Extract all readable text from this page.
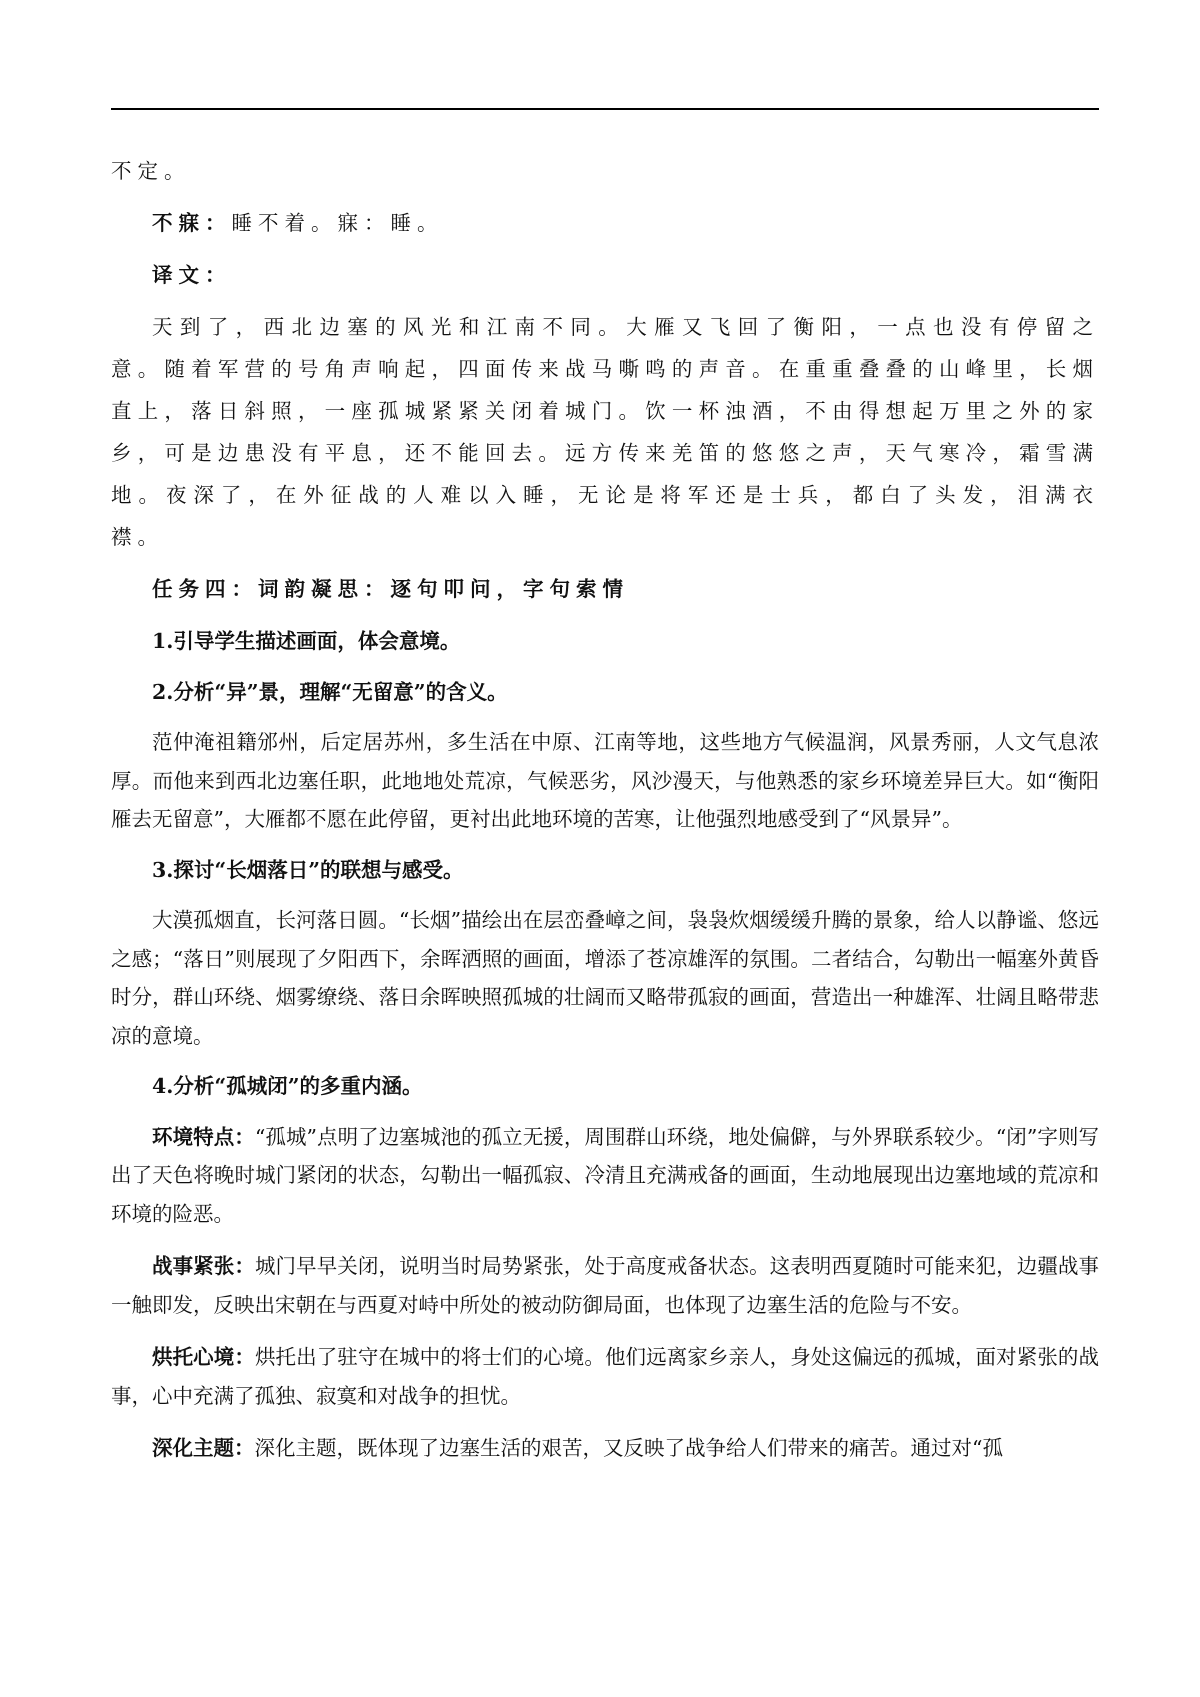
不定。

不寐：睡不着。寐：睡。

译文：

天到了，西北边塞的风光和江南不同。大雁又飞回了衡阳，一点也没有停留之意。随着军营的号角声响起，四面传来战马嘶鸣的声音。在重重叠叠的山峰里，长烟直上，落日斜照，一座孤城紧紧关闭着城门。饮一杯浊酒，不由得想起万里之外的家乡，可是边患没有平息，还不能回去。远方传来羌笛的悠悠之声，天气寒冷，霜雪满地。夜深了，在外征战的人难以入睡，无论是将军还是士兵，都白了头发，泪满衣襟。

任务四：词韵凝思：逐句叩问，字句索情

1.引导学生描述画面，体会意境。

2.分析“异”景，理解“无留意”的含义。

范仲淹祖籍邠州，后定居苏州，多生活在中原、江南等地，这些地方气候温润，风景秀丽，人文气息浓厚。而他来到西北边塞任职，此地地处荒凉，气候恶劣，风沙漫天，与他熟悉的家乡环境差异巨大。如“衡阳雁去无留意”，大雁都不愿在此停留，更衬出此地环境的苦寒，让他强烈地感受到了“风景异”。

3.探讨“长烟落日”的联想与感受。

大漠孤烟直，长河落日圆。“长烟”描绘出在层峦叠嶂之间，袅袅炊烟缓缓升腾的景象，给人以静谧、悠远之感；“落日”则展现了夕阳西下，余晖洒照的画面，增添了苍凉雄浑的氛围。二者结合，勾勒出一幅塞外黄昏时分，群山环绕、烟雾缭绕、落日余晖映照孤城的壮阔而又略带孤寂的画面，营造出一种雄浑、壮阔且略带悲凉的意境。

4.分析“孤城闭”的多重内涵。

环境特点：“孤城”点明了边塞城池的孤立无援，周围群山环绕，地处偏僻，与外界联系较少。“闭”字则写出了天色将晚时城门紧闭的状态，勾勒出一幅孤寂、冷清且充满戒备的画面，生动地展现出边塞地域的荒凉和环境的险恶。

战事紧张：城门早早关闭，说明当时局势紧张，处于高度戒备状态。这表明西夏随时可能来犯，边疆战事一触即发，反映出宋朝在与西夏对峙中所处的被动防御局面，也体现了边塞生活的危险与不安。

烘托心境：烘托出了驻守在城中的将士们的心境。他们远离家乡亲人，身处这偏远的孤城，面对紧张的战事，心中充满了孤独、寂寞和对战争的担忧。

深化主题：深化主题，既体现了边塞生活的艰苦，又反映了战争给人们带来的痛苦。通过对“孤
